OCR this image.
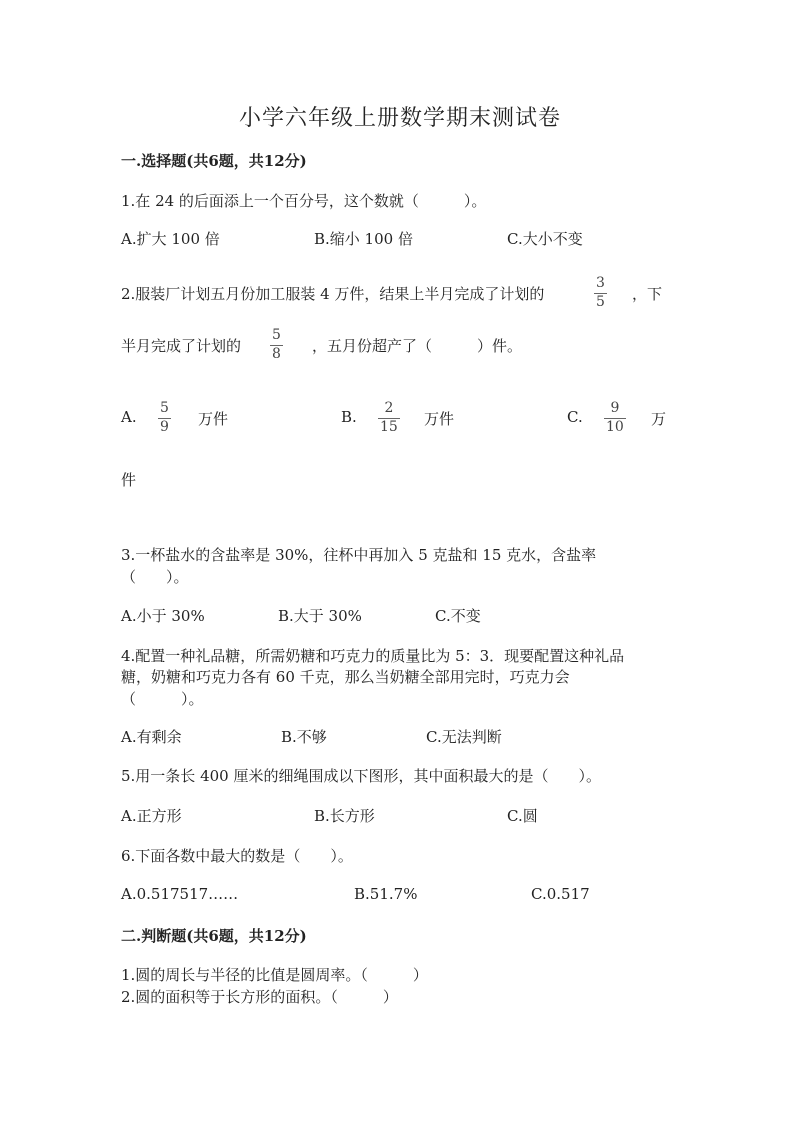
小学六年级上册数学期末测试卷
一.选择题(共6题，共12分)
1.在 24 的后面添上一个百分号，这个数就（　　　）。
A.扩大 100 倍	B.缩小 100 倍	C.大小不变
2.服装厂计划五月份加工服装 4 万件，结果上半月完成了计划的
3
5 ，下
半月完成了计划的
5
8 ，五月份超产了（　　　）件。
A. 5
9 万件	B. 2
15 万件	C. 9
10 万
件
3.一杯盐水的含盐率是 30%，往杯中再加入 5 克盐和 15 克水，含盐率
（　　）。
A.小于 30%	B.大于 30%	C.不变
4.配置一种礼品糖，所需奶糖和巧克力的质量比为 5：3．现要配置这种礼品
糖，奶糖和巧克力各有 60 千克，那么当奶糖全部用完时，巧克力会
（　　　）。
A.有剩余	B.不够	C.无法判断
5.用一条长 400 厘米的细绳围成以下图形，其中面积最大的是（　　）。
A.正方形	B.长方形	C.圆
6.下面各数中最大的数是（　　）。
A.0.517517……	B.51.7%	C.0.517
二.判断题(共6题，共12分)
1.圆的周长与半径的比值是圆周率。（　　　）
2.圆的面积等于长方形的面积。（　　　）
